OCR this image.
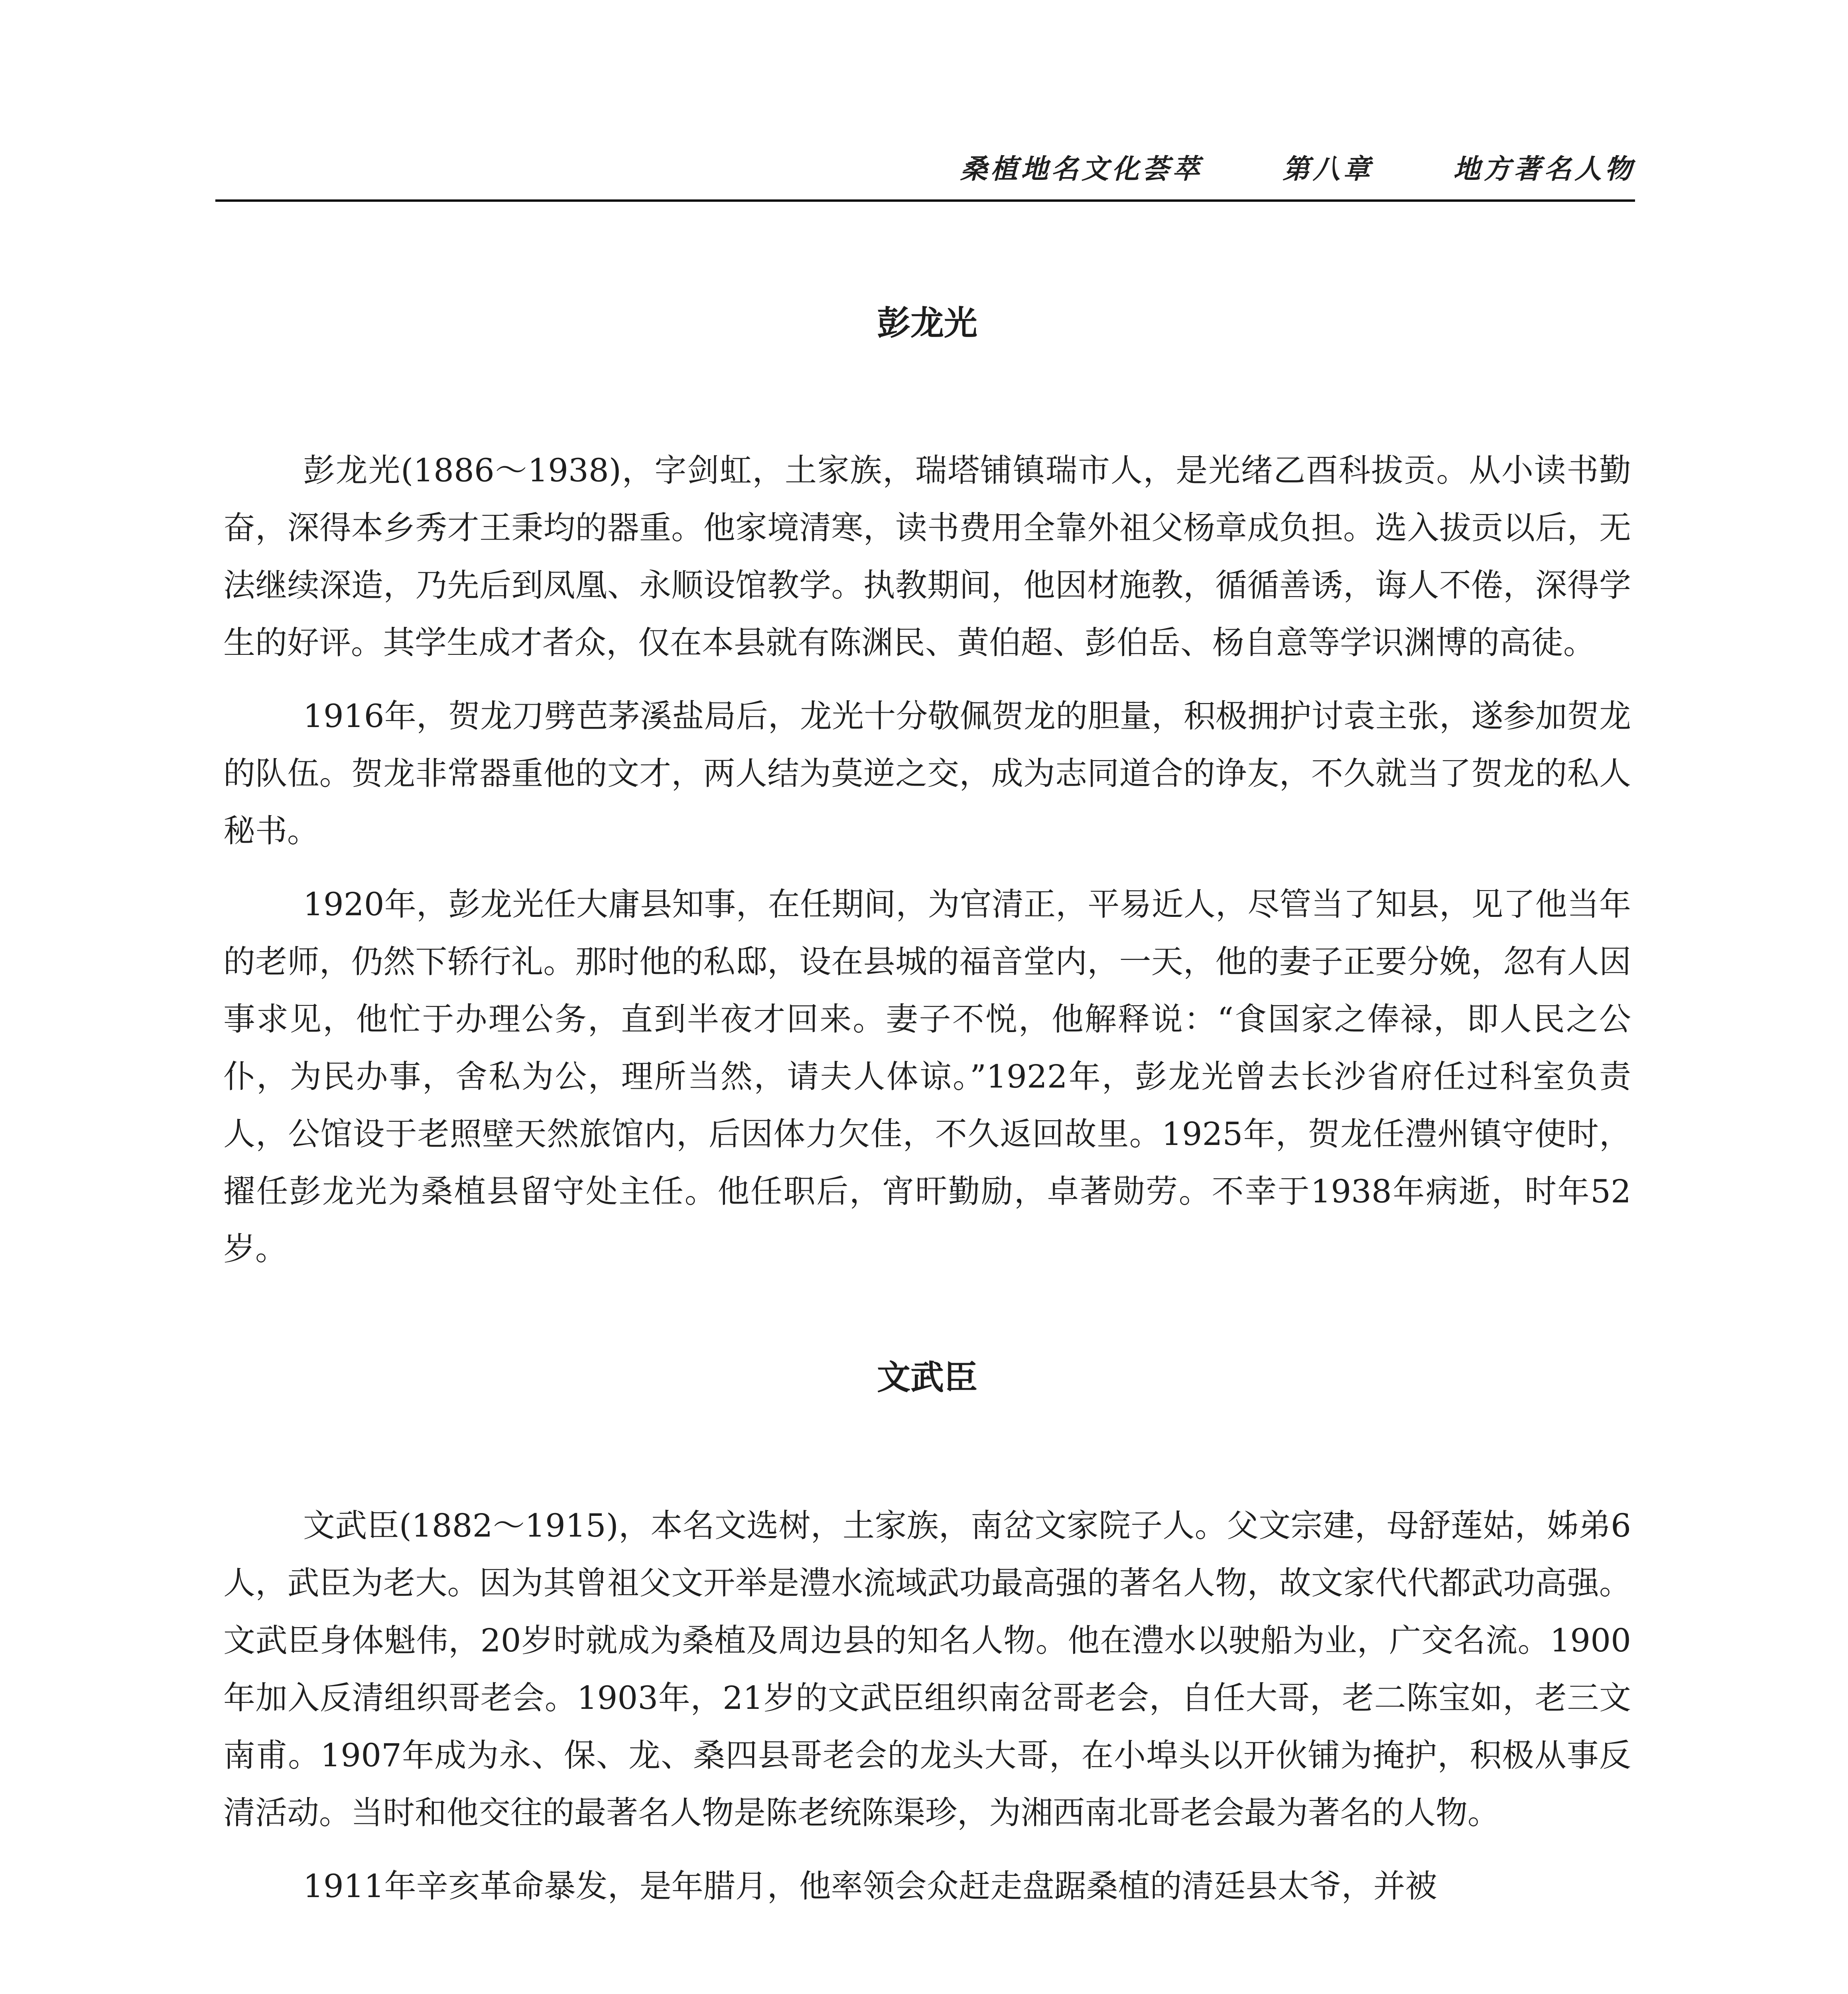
桑植地名文化荟萃	第八章	地方著名人物
彭龙光

彭龙光(1886～1938)，字剑虹，土家族，瑞塔铺镇瑞市人，是光绪乙酉科拔贡。从小读书勤奋，深得本乡秀才王秉均的器重。他家境清寒，读书费用全靠外祖父杨章成负担。选入拔贡以后，无法继续深造，乃先后到凤凰、永顺设馆教学。执教期间，他因材施教，循循善诱，诲人不倦，深得学生的好评。其学生成才者众，仅在本县就有陈渊民、黄伯超、彭伯岳、杨自意等学识渊博的高徒。

1916年，贺龙刀劈芭茅溪盐局后，龙光十分敬佩贺龙的胆量，积极拥护讨袁主张，遂参加贺龙的队伍。贺龙非常器重他的文才，两人结为莫逆之交，成为志同道合的诤友，不久就当了贺龙的私人秘书。

1920年，彭龙光任大庸县知事，在任期间，为官清正，平易近人，尽管当了知县，见了他当年的老师，仍然下轿行礼。那时他的私邸，设在县城的福音堂内，一天，他的妻子正要分娩，忽有人因事求见，他忙于办理公务，直到半夜才回来。妻子不悦，他解释说：“食国家之俸禄，即人民之公仆，为民办事，舍私为公，理所当然，请夫人体谅。”1922年，彭龙光曾去长沙省府任过科室负责人，公馆设于老照壁天然旅馆内，后因体力欠佳，不久返回故里。1925年，贺龙任澧州镇守使时，擢任彭龙光为桑植县留守处主任。他任职后，宵旰勤励，卓著勋劳。不幸于1938年病逝，时年52岁。

文武臣

文武臣(1882～1915)，本名文选树，土家族，南岔文家院子人。父文宗建，母舒莲姑，姊弟6人，武臣为老大。因为其曾祖父文开举是澧水流域武功最高强的著名人物，故文家代代都武功高强。文武臣身体魁伟，20岁时就成为桑植及周边县的知名人物。他在澧水以驶船为业，广交名流。1900年加入反清组织哥老会。1903年，21岁的文武臣组织南岔哥老会，自任大哥，老二陈宝如，老三文南甫。1907年成为永、保、龙、桑四县哥老会的龙头大哥，在小埠头以开伙铺为掩护，积极从事反清活动。当时和他交往的最著名人物是陈老统陈渠珍，为湘西南北哥老会最为著名的人物。

1911年辛亥革命暴发，是年腊月，他率领会众赶走盘踞桑植的清廷县太爷，并被
